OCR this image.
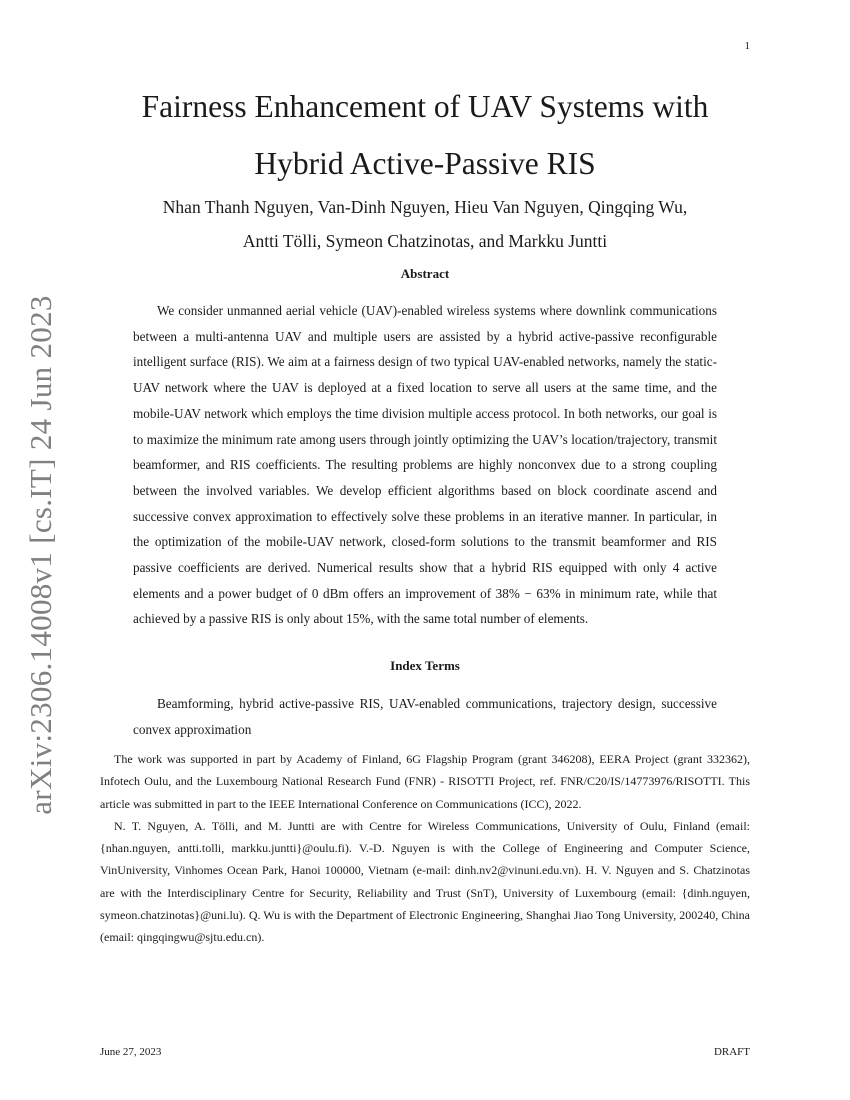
1
arXiv:2306.14008v1 [cs.IT] 24 Jun 2023
Fairness Enhancement of UAV Systems with
Hybrid Active-Passive RIS
Nhan Thanh Nguyen, Van-Dinh Nguyen, Hieu Van Nguyen, Qingqing Wu,
Antti Tölli, Symeon Chatzinotas, and Markku Juntti
Abstract

We consider unmanned aerial vehicle (UAV)-enabled wireless systems where downlink communications between a multi-antenna UAV and multiple users are assisted by a hybrid active-passive reconfigurable intelligent surface (RIS). We aim at a fairness design of two typical UAV-enabled networks, namely the static-UAV network where the UAV is deployed at a fixed location to serve all users at the same time, and the mobile-UAV network which employs the time division multiple access protocol. In both networks, our goal is to maximize the minimum rate among users through jointly optimizing the UAV’s location/trajectory, transmit beamformer, and RIS coefficients. The resulting problems are highly nonconvex due to a strong coupling between the involved variables. We develop efficient algorithms based on block coordinate ascend and successive convex approximation to effectively solve these problems in an iterative manner. In particular, in the optimization of the mobile-UAV network, closed-form solutions to the transmit beamformer and RIS passive coefficients are derived. Numerical results show that a hybrid RIS equipped with only 4 active elements and a power budget of 0 dBm offers an improvement of 38% − 63% in minimum rate, while that achieved by a passive RIS is only about 15%, with the same total number of elements.

Index Terms

Beamforming, hybrid active-passive RIS, UAV-enabled communications, trajectory design, successive convex approximation

The work was supported in part by Academy of Finland, 6G Flagship Program (grant 346208), EERA Project (grant 332362), Infotech Oulu, and the Luxembourg National Research Fund (FNR) - RISOTTI Project, ref. FNR/C20/IS/14773976/RISOTTI. This article was submitted in part to the IEEE International Conference on Communications (ICC), 2022.

N. T. Nguyen, A. Tölli, and M. Juntti are with Centre for Wireless Communications, University of Oulu, Finland (email: {nhan.nguyen, antti.tolli, markku.juntti}@oulu.fi). V.-D. Nguyen is with the College of Engineering and Computer Science, VinUniversity, Vinhomes Ocean Park, Hanoi 100000, Vietnam (e-mail: dinh.nv2@vinuni.edu.vn). H. V. Nguyen and S. Chatzinotas are with the Interdisciplinary Centre for Security, Reliability and Trust (SnT), University of Luxembourg (email: {dinh.nguyen, symeon.chatzinotas}@uni.lu). Q. Wu is with the Department of Electronic Engineering, Shanghai Jiao Tong University, 200240, China (email: qingqingwu@sjtu.edu.cn).

June 27, 2023	DRAFT
